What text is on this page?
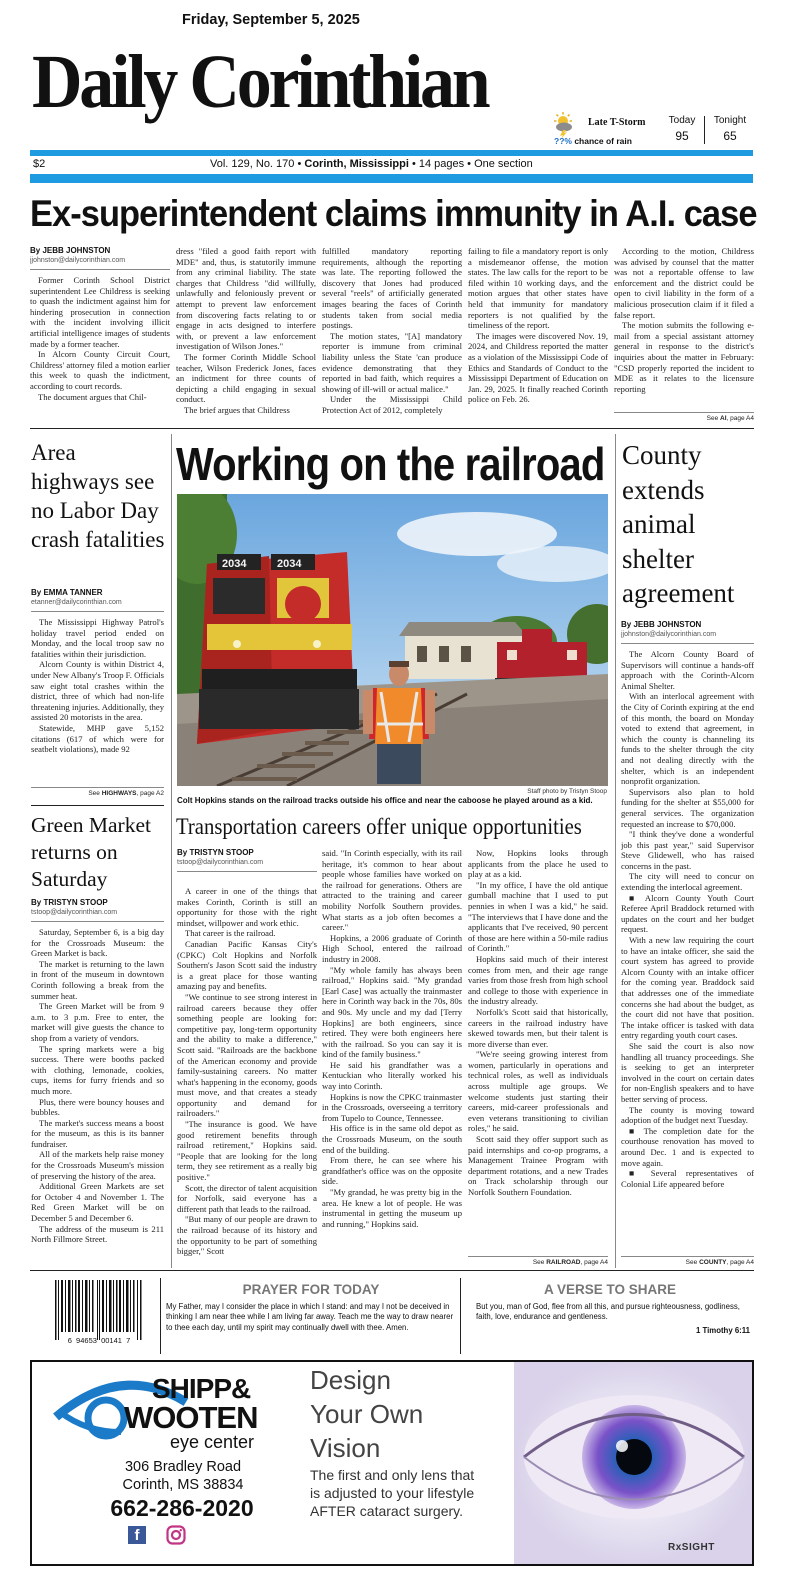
Friday, September 5, 2025
Daily Corinthian	Late T-Storm
??% chance of rain
Today
95
Tonight
65
$2	Vol. 129, No. 170 • Corinth, Mississippi • 14 pages • One section
Ex-superintendent claims immunity in A.I. case
By JEBB JOHNSTON
jjohnston@dailycorinthian.com

Former Corinth School District superintendent Lee Childress is seeking to quash the indictment against him for hindering prosecution in connection with the incident involving illicit artificial intelligence images of students made by a former teacher.

In Alcorn County Circuit Court, Childress' attorney filed a motion earlier this week to quash the indictment, according to court records.

The document argues that Chil-

dress "filed a good faith report with MDE" and, thus, is statutorily immune from any criminal liability. The state charges that Childress "did willfully, unlawfully and feloniously prevent or attempt to prevent law enforcement from discovering facts relating to or engage in acts designed to interfere with, or prevent a law enforcement investigation of Wilson Jones."

The former Corinth Middle School teacher, Wilson Frederick Jones, faces an indictment for three counts of depicting a child engaging in sexual conduct.

The brief argues that Childress

fulfilled mandatory reporting requirements, although the reporting was late. The reporting followed the discovery that Jones had produced several "reels" of artificially generated images bearing the faces of Corinth students taken from social media postings.

The motion states, "[A] mandatory reporter is immune from criminal liability unless the State 'can produce evidence demonstrating that they reported in bad faith, which requires a showing of ill-will or actual malice."

Under the Mississippi Child Protection Act of 2012, completely

failing to file a mandatory report is only a misdemeanor offense, the motion states. The law calls for the report to be filed within 10 working days, and the motion argues that other states have held that immunity for mandatory reporters is not qualified by the timeliness of the report.

The images were discovered Nov. 19, 2024, and Childress reported the matter as a violation of the Mississippi Code of Ethics and Standards of Conduct to the Mississippi Department of Education on Jan. 29, 2025. It finally reached Corinth police on Feb. 26.

According to the motion, Childress was advised by counsel that the matter was not a reportable offense to law enforcement and the district could be open to civil liability in the form of a malicious prosecution claim if it filed a false report.

The motion submits the following e-mail from a special assistant attorney general in response to the district's inquiries about the matter in February: "CSD properly reported the incident to MDE as it relates to the licensure reporting

See AI, page A4
Area highways see no Labor Day crash fatalities
By EMMA TANNER
etanner@dailycorinthian.com

The Mississippi Highway Patrol's holiday travel period ended on Monday, and the local troop saw no fatalities within their jurisdiction.

Alcorn County is within District 4, under New Albany's Troop F. Officials saw eight total crashes within the district, three of which had non-life threatening injuries. Additionally, they assisted 20 motorists in the area.

Statewide, MHP gave 5,152 citations (617 of which were for seatbelt violations), made 92

See HIGHWAYS, page A2
Green Market returns on Saturday
By TRISTYN STOOP
tstoop@dailycorinthian.com

Saturday, September 6, is a big day for the Crossroads Museum: the Green Market is back.

The market is returning to the lawn in front of the museum in downtown Corinth following a break from the summer heat.

The Green Market will be from 9 a.m. to 3 p.m. Free to enter, the market will give guests the chance to shop from a variety of vendors.

The spring markets were a big success. There were booths packed with clothing, lemonade, cookies, cups, items for furry friends and so much more.

Plus, there were bouncy houses and bubbles.

The market's success means a boost for the museum, as this is its banner fundraiser.

All of the markets help raise money for the Crossroads Museum's mission of preserving the history of the area.

Additional Green Markets are set for October 4 and November 1. The Red Green Market will be on December 5 and December 6.

The address of the museum is 211 North Fillmore Street.

Working on the railroad
2034	2034
Staff photo by Tristyn Stoop
Colt Hopkins stands on the railroad tracks outside his office and near the caboose he played around as a kid.
Transportation careers offer unique opportunities
By TRISTYN STOOP
tstoop@dailycorinthian.com

A career in one of the things that makes Corinth, Corinth is still an opportunity for those with the right mindset, willpower and work ethic.

That career is the railroad.

Canadian Pacific Kansas City's (CPKC) Colt Hopkins and Norfolk Southern's Jason Scott said the industry is a great place for those wanting amazing pay and benefits.

"We continue to see strong interest in railroad careers because they offer something people are looking for: competitive pay, long-term opportunity and the ability to make a difference," Scott said. "Railroads are the backbone of the American economy and provide family-sustaining careers. No matter what's happening in the economy, goods must move, and that creates a steady opportunity and demand for railroaders."

"The insurance is good. We have good retirement benefits through railroad retirement," Hopkins said. "People that are looking for the long term, they see retirement as a really big positive."

Scott, the director of talent acquisition for Norfolk, said everyone has a different path that leads to the railroad.

"But many of our people are drawn to the railroad because of its history and the opportunity to be part of something bigger," Scott

said. "In Corinth especially, with its rail heritage, it's common to hear about people whose families have worked on the railroad for generations. Others are attracted to the training and career mobility Norfolk Southern provides. What starts as a job often becomes a career."

Hopkins, a 2006 graduate of Corinth High School, entered the railroad industry in 2008.

"My whole family has always been railroad," Hopkins said. "My grandad [Earl Case] was actually the trainmaster here in Corinth way back in the 70s, 80s and 90s. My uncle and my dad [Terry Hopkins] are both engineers, since retired. They were both engineers here with the railroad. So you can say it is kind of the family business."

He said his grandfather was a Kentuckian who literally worked his way into Corinth.

Hopkins is now the CPKC trainmaster in the Crossroads, overseeing a territory from Tupelo to Counce, Tennessee.

His office is in the same old depot as the Crossroads Museum, on the south end of the building.

From there, he can see where his grandfather's office was on the opposite side.

"My grandad, he was pretty big in the area. He knew a lot of people. He was instrumental in getting the museum up and running," Hopkins said.

Now, Hopkins looks through applicants from the place he used to play at as a kid.

"In my office, I have the old antique gumball machine that I used to put pennies in when I was a kid," he said. "The interviews that I have done and the applicants that I've received, 90 percent of those are here within a 50-mile radius of Corinth."

Hopkins said much of their interest comes from men, and their age range varies from those fresh from high school and college to those with experience in the industry already.

Norfolk's Scott said that historically, careers in the railroad industry have skewed towards men, but their talent is more diverse than ever.

"We're seeing growing interest from women, particularly in operations and technical roles, as well as individuals across multiple age groups. We welcome students just starting their careers, mid-career professionals and even veterans transitioning to civilian roles," he said.

Scott said they offer support such as paid internships and co-op programs, a Management Trainee Program with department rotations, and a new Trades on Track scholarship through our Norfolk Southern Foundation.

See RAILROAD, page A4
County extends animal shelter agreement
By JEBB JOHNSTON
jjohnston@dailycorinthian.com

The Alcorn County Board of Supervisors will continue a hands-off approach with the Corinth-Alcorn Animal Shelter.

With an interlocal agreement with the City of Corinth expiring at the end of this month, the board on Monday voted to extend that agreement, in which the county is channeling its funds to the shelter through the city and not dealing directly with the shelter, which is an independent nonprofit organization.

Supervisors also plan to hold funding for the shelter at $55,000 for general services. The organization requested an increase to $70,000.

"I think they've done a wonderful job this past year," said Supervisor Steve Glidewell, who has raised concerns in the past.

The city will need to concur on extending the interlocal agreement.

■ Alcorn County Youth Court Referee April Braddock returned with updates on the court and her budget request.

With a new law requiring the court to have an intake officer, she said the court system has agreed to provide Alcorn County with an intake officer for the coming year. Braddock said that addresses one of the immediate concerns she had about the budget, as the court did not have that position. The intake officer is tasked with data entry regarding youth court cases.

She said the court is also now handling all truancy proceedings. She is seeking to get an interpreter involved in the court on certain dates for non-English speakers and to have better serving of process.

The county is moving toward adoption of the budget next Tuesday.

■ The completion date for the courthouse renovation has moved to around Dec. 1 and is expected to move again.

■ Several representatives of Colonial Life appeared before

See COUNTY, page A4
6  94653  00141  7
PRAYER FOR TODAY
My Father, may I consider the place in which I stand: and may I not be deceived in thinking I am near thee while I am living far away. Teach me the way to draw nearer to thee each day, until my spirit may continually dwell with thee. Amen.
A VERSE TO SHARE
But you, man of God, flee from all this, and pursue righteousness, godliness, faith, love, endurance and gentleness.
1 Timothy 6:11
SHIPP&
WOOTEN
eye center
306 Bradley Road
Corinth, MS 38834
662-286-2020
f
Design
Your Own
Vision
The first and only lens that
is adjusted to your lifestyle
AFTER cataract surgery.
RxSIGHT
